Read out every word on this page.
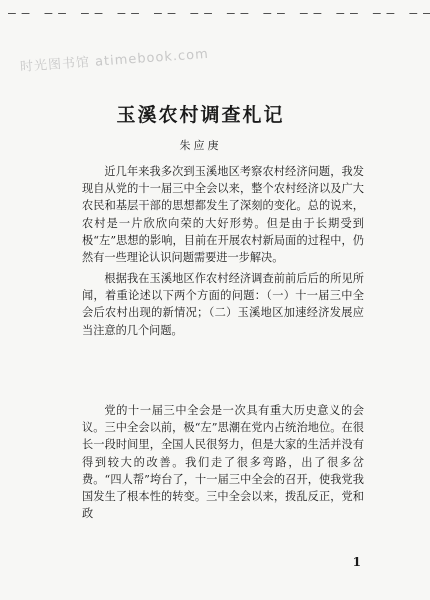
— — — — — — — — — — — — — — — — — — — — — — — —
时光图书馆 atimebook.com
玉溪农村调查札记
朱应庚
近几年来我多次到玉溪地区考察农村经济问题，我发现自从党的十一届三中全会以来，整个农村经济以及广大农民和基层干部的思想都发生了深刻的变化。总的说来，农村是一片欣欣向荣的大好形势。但是由于长期受到极“左”思想的影响，目前在开展农村新局面的过程中，仍然有一些理论认识问题需要进一步解决。
根据我在玉溪地区作农村经济调查前前后后的所见所闻，着重论述以下两个方面的问题：（一）十一届三中全会后农村出现的新情况；（二）玉溪地区加速经济发展应当注意的几个问题。
党的十一届三中全会是一次具有重大历史意义的会议。三中全会以前，极“左”思潮在党内占统治地位。在很长一段时间里，全国人民很努力，但是大家的生活并没有得到较大的改善。我们走了很多弯路，出了很多岔费。“四人帮”垮台了，十一届三中全会的召开，使我党我国发生了根本性的转变。三中全会以来，拨乱反正，党和政
1
